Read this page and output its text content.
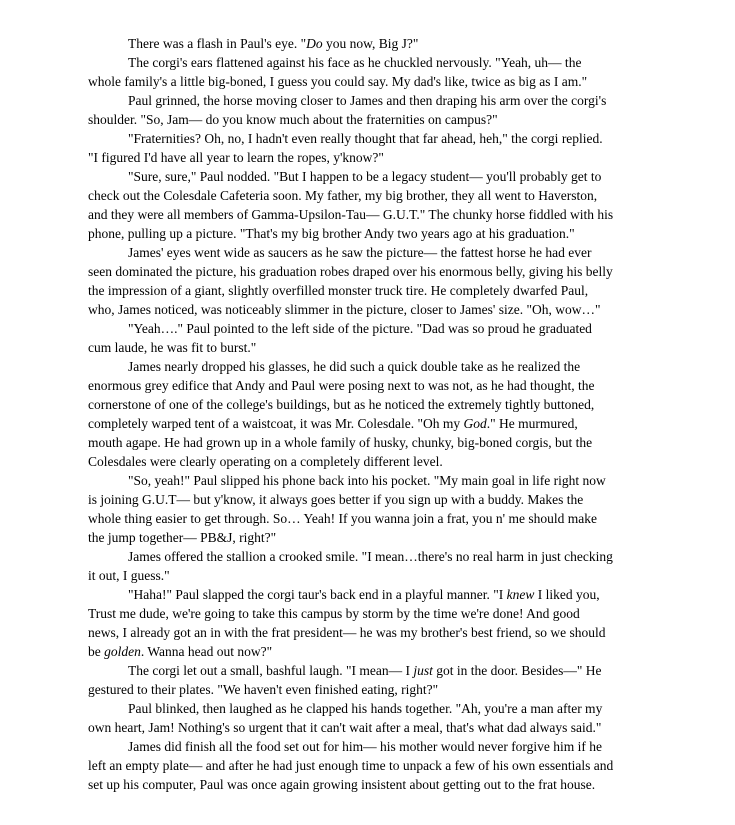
There was a flash in Paul's eye. "Do you now, Big J?"

The corgi's ears flattened against his face as he chuckled nervously. "Yeah, uh— the
whole family's a little big-boned, I guess you could say. My dad's like, twice as big as I am."

Paul grinned, the horse moving closer to James and then draping his arm over the corgi's
shoulder. "So, Jam— do you know much about the fraternities on campus?"

"Fraternities? Oh, no, I hadn't even really thought that far ahead, heh," the corgi replied.
"I figured I'd have all year to learn the ropes, y'know?"

"Sure, sure," Paul nodded. "But I happen to be a legacy student— you'll probably get to
check out the Colesdale Cafeteria soon. My father, my big brother, they all went to Haverston,
and they were all members of Gamma-Upsilon-Tau— G.U.T." The chunky horse fiddled with his
phone, pulling up a picture. "That's my big brother Andy two years ago at his graduation."

James' eyes went wide as saucers as he saw the picture— the fattest horse he had ever
seen dominated the picture, his graduation robes draped over his enormous belly, giving his belly
the impression of a giant, slightly overfilled monster truck tire. He completely dwarfed Paul,
who, James noticed, was noticeably slimmer in the picture, closer to James' size. "Oh, wow…"

"Yeah…." Paul pointed to the left side of the picture. "Dad was so proud he graduated
cum laude, he was fit to burst."

James nearly dropped his glasses, he did such a quick double take as he realized the
enormous grey edifice that Andy and Paul were posing next to was not, as he had thought, the
cornerstone of one of the college's buildings, but as he noticed the extremely tightly buttoned,
completely warped tent of a waistcoat, it was Mr. Colesdale. "Oh my God." He murmured,
mouth agape. He had grown up in a whole family of husky, chunky, big-boned corgis, but the
Colesdales were clearly operating on a completely different level.

"So, yeah!" Paul slipped his phone back into his pocket. "My main goal in life right now
is joining G.U.T— but y'know, it always goes better if you sign up with a buddy. Makes the
whole thing easier to get through. So… Yeah! If you wanna join a frat, you n' me should make
the jump together— PB&J, right?"

James offered the stallion a crooked smile. "I mean…there's no real harm in just checking
it out, I guess."

"Haha!" Paul slapped the corgi taur's back end in a playful manner. "I knew I liked you,
Trust me dude, we're going to take this campus by storm by the time we're done! And good
news, I already got an in with the frat president— he was my brother's best friend, so we should
be golden. Wanna head out now?"

The corgi let out a small, bashful laugh. "I mean— I just got in the door. Besides—" He
gestured to their plates. "We haven't even finished eating, right?"

Paul blinked, then laughed as he clapped his hands together. "Ah, you're a man after my
own heart, Jam! Nothing's so urgent that it can't wait after a meal, that's what dad always said."

James did finish all the food set out for him— his mother would never forgive him if he
left an empty plate— and after he had just enough time to unpack a few of his own essentials and
set up his computer, Paul was once again growing insistent about getting out to the frat house.
